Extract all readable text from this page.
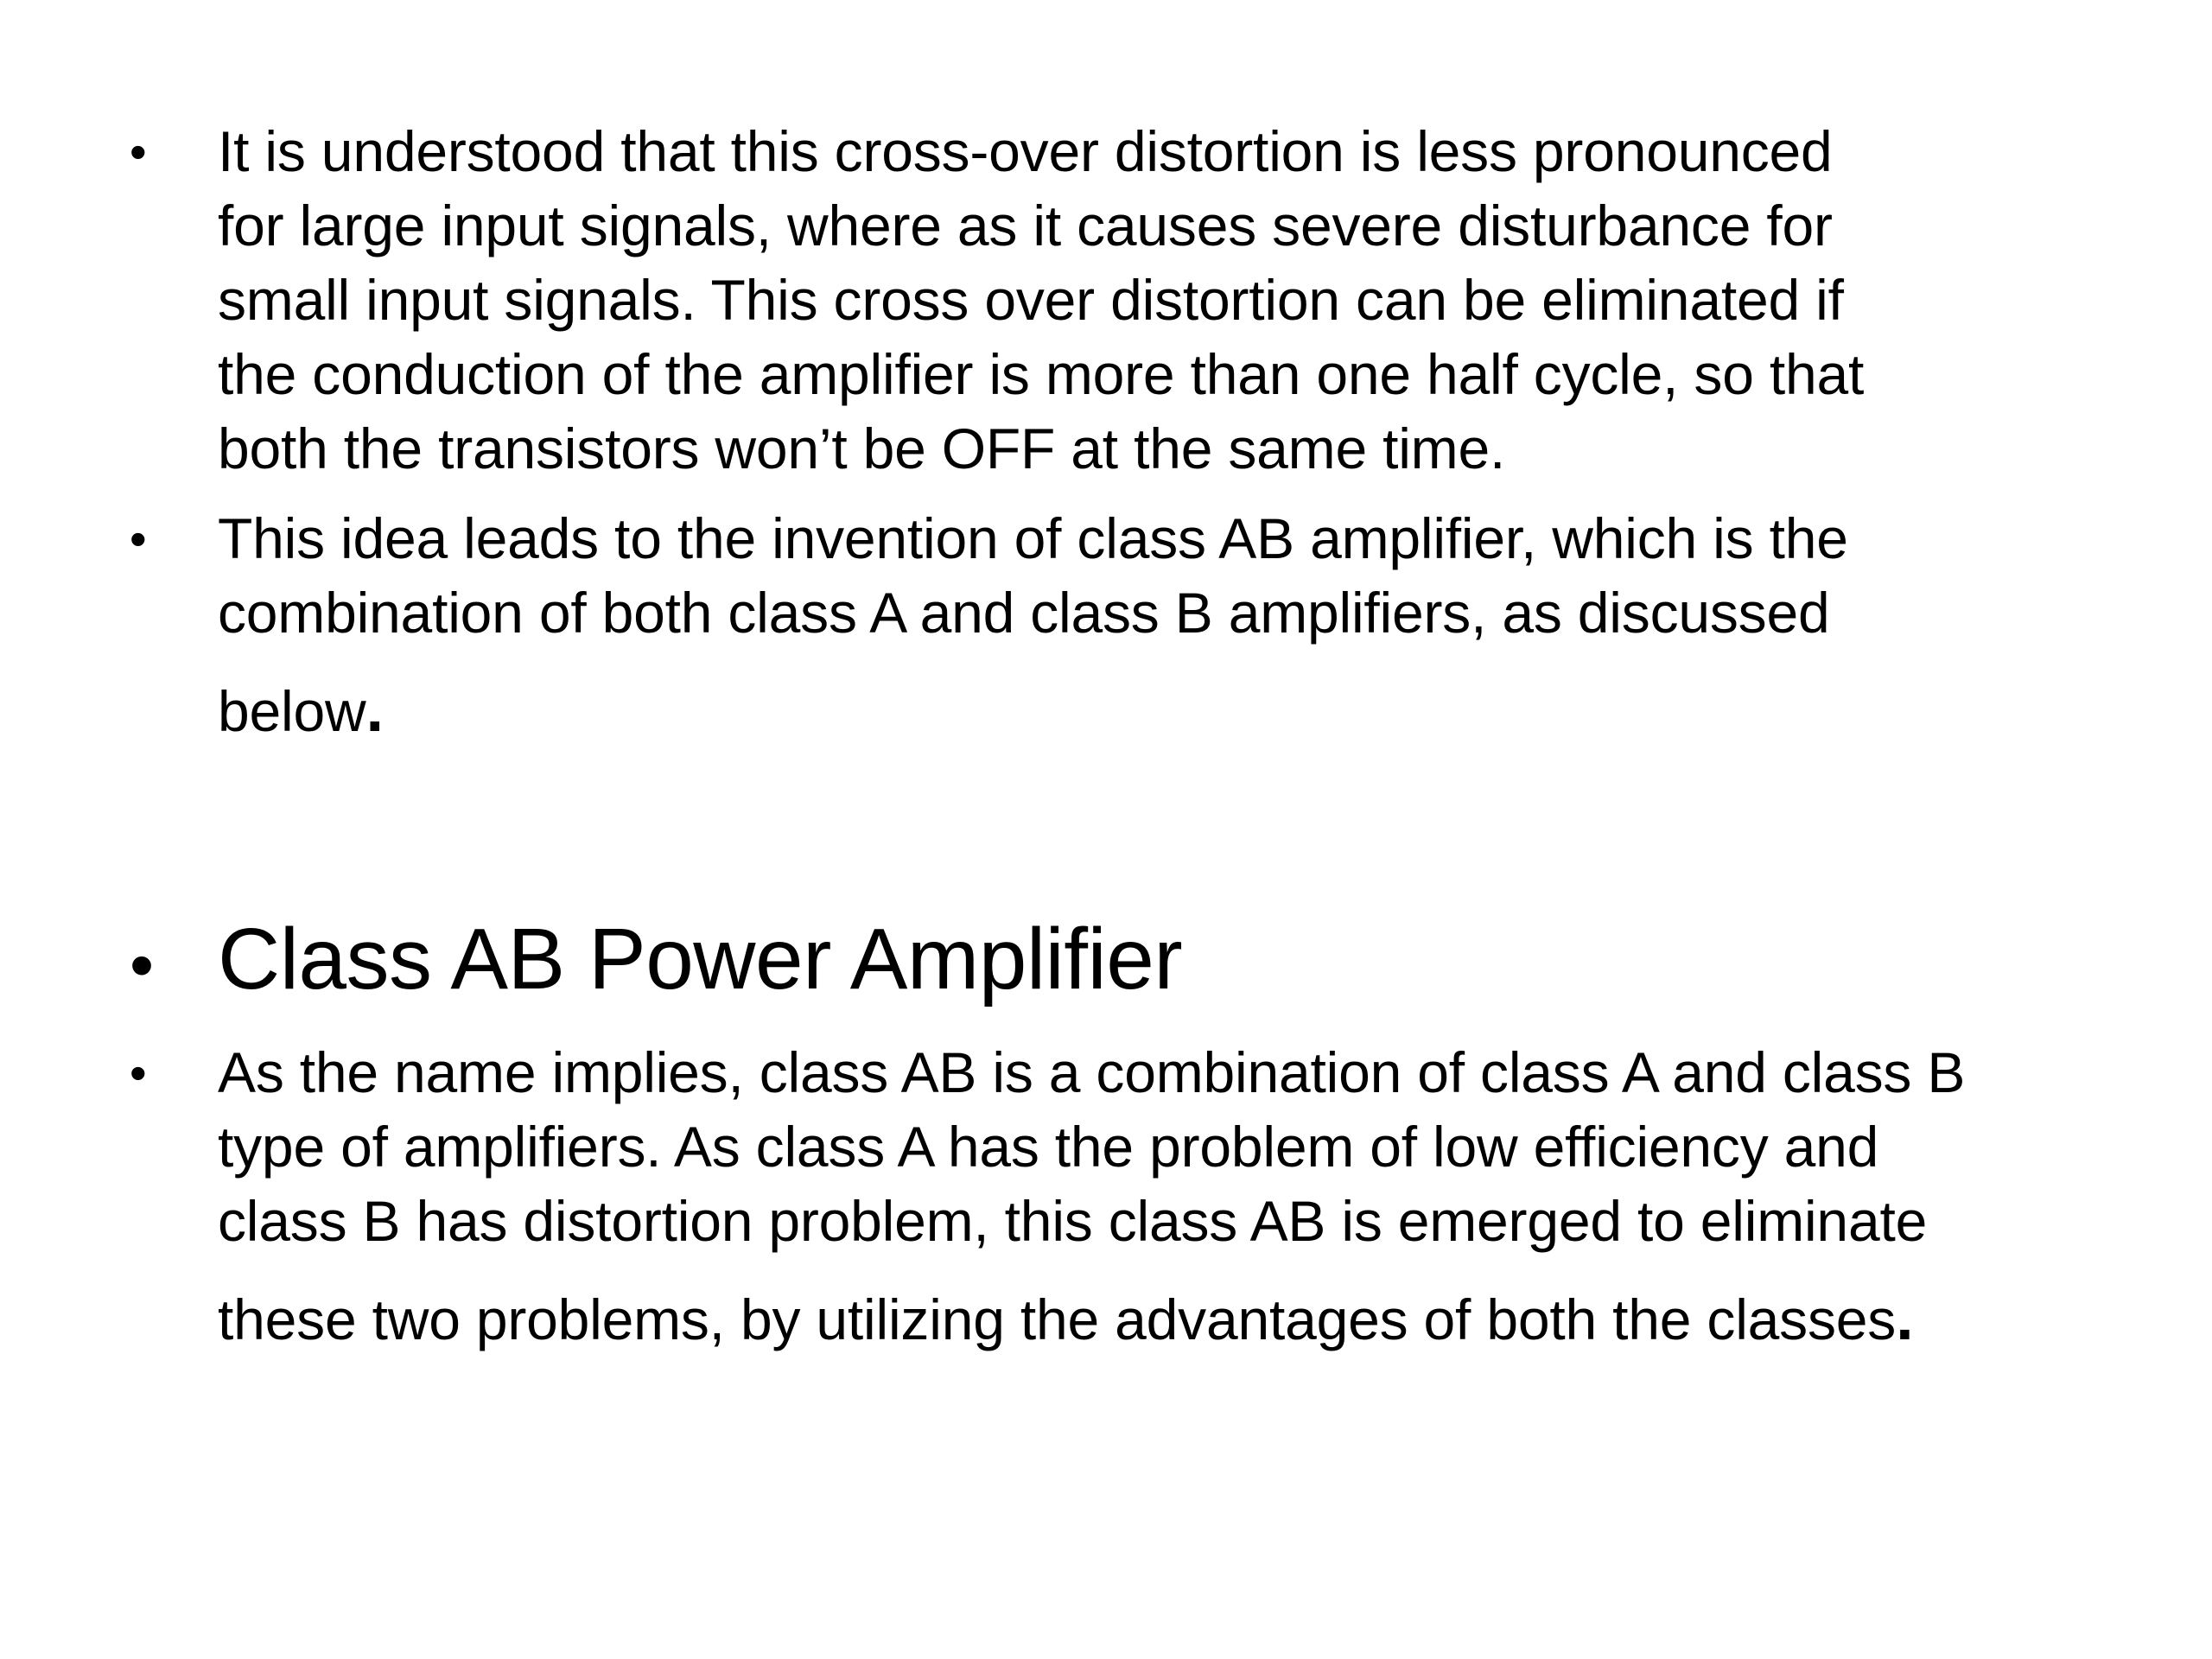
• It is understood that this cross-over distortion is less pronounced
for large input signals, where as it causes severe disturbance for
small input signals. This cross over distortion can be eliminated if
the conduction of the amplifier is more than one half cycle, so that
both the transistors won’t be OFF at the same time.
• This idea leads to the invention of class AB amplifier, which is the
combination of both class A and class B amplifiers, as discussed
below.
• Class AB Power Amplifier
• As the name implies, class AB is a combination of class A and class B
type of amplifiers. As class A has the problem of low efficiency and
class B has distortion problem, this class AB is emerged to eliminate
these two problems, by utilizing the advantages of both the classes.
